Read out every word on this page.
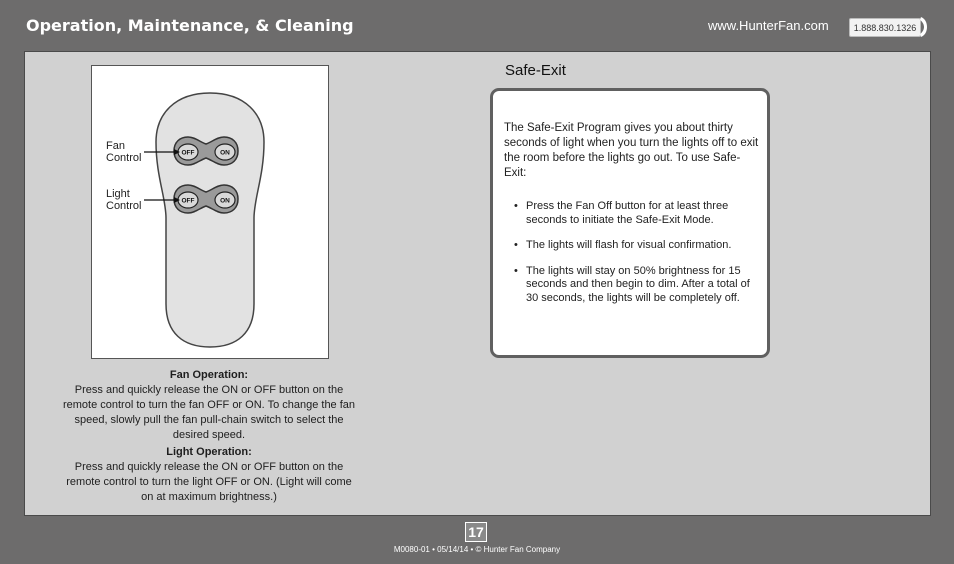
Operation, Maintenance, & Cleaning	www.HunterFan.com	1.888.830.1326
OFF	ON
OFF	ON
Fan
Control
Light
Control
Fan Operation:
Press and quickly release the ON or OFF button on the remote control to turn the fan OFF or ON. To change the fan speed, slowly pull the fan pull-chain switch to select the desired speed.
Light Operation:
Press and quickly release the ON or OFF button on the remote control to turn the light OFF or ON. (Light will come on at maximum brightness.)
Safe-Exit
The Safe-Exit Program gives you about thirty seconds of light when you turn the lights off to exit the room before the lights go out. To use Safe-Exit:
• Press the Fan Off button for at least three seconds to initiate the Safe-Exit Mode.
• The lights will flash for visual confirmation.
• The lights will stay on 50% brightness for 15 seconds and then begin to dim. After a total of 30 seconds, the lights will be completely off.
17
M0080-01 • 05/14/14 • © Hunter Fan Company
